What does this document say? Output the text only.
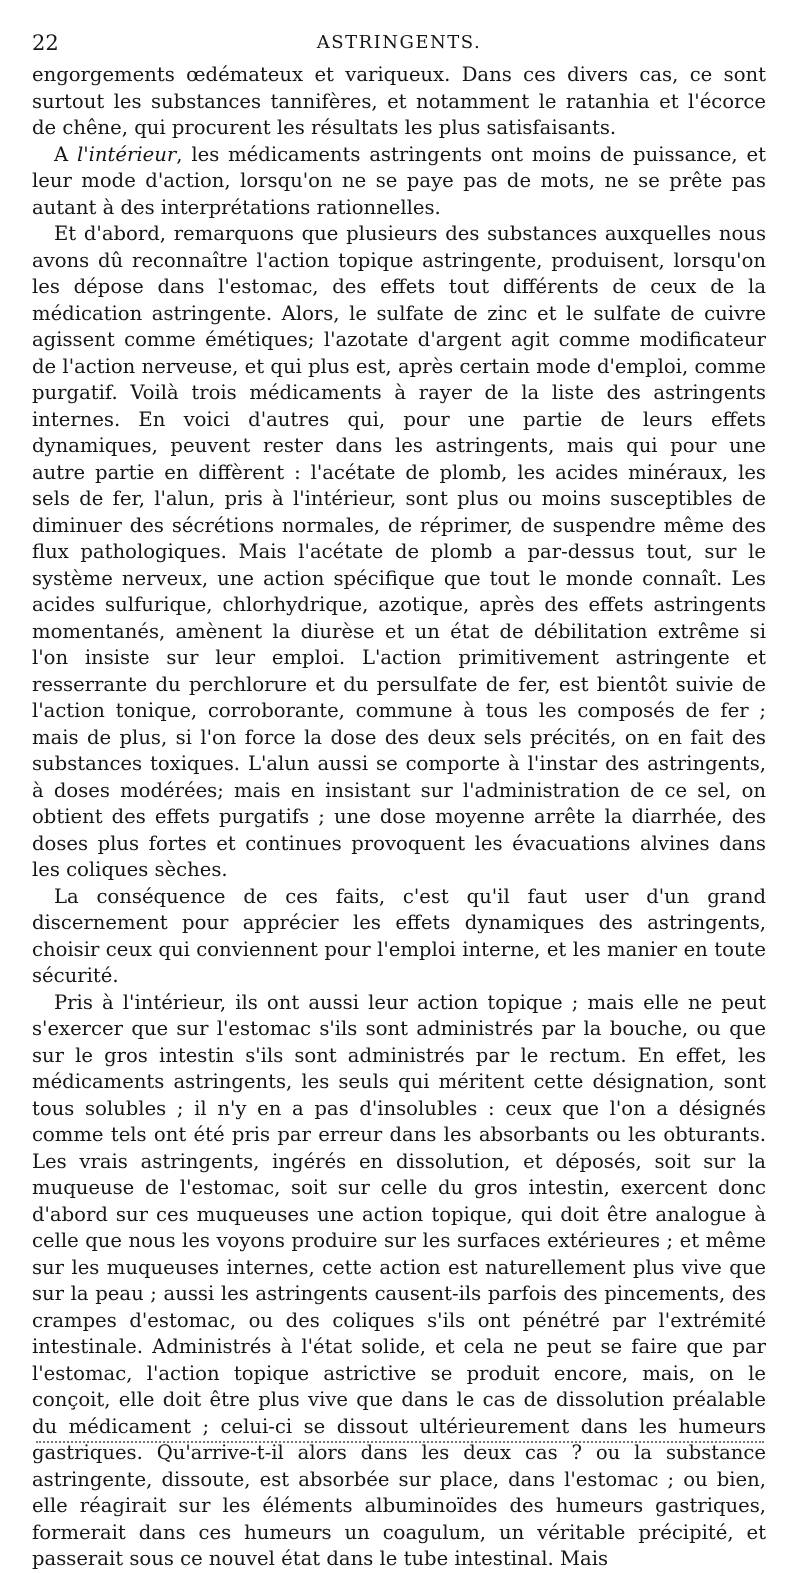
22	ASTRINGENTS.

engorgements œdémateux et variqueux. Dans ces divers cas, ce sont surtout les substances tannifères, et notamment le ratanhia et l'écorce de chêne, qui procurent les résultats les plus satisfaisants.

A l'intérieur, les médicaments astringents ont moins de puissance, et leur mode d'action, lorsqu'on ne se paye pas de mots, ne se prête pas autant à des interprétations rationnelles.

Et d'abord, remarquons que plusieurs des substances auxquelles nous avons dû reconnaître l'action topique astringente, produisent, lorsqu'on les dépose dans l'estomac, des effets tout différents de ceux de la médication astringente. Alors, le sulfate de zinc et le sulfate de cuivre agissent comme émétiques; l'azotate d'argent agit comme modificateur de l'action nerveuse, et qui plus est, après certain mode d'emploi, comme purgatif. Voilà trois médicaments à rayer de la liste des astringents internes. En voici d'autres qui, pour une partie de leurs effets dynamiques, peuvent rester dans les astringents, mais qui pour une autre partie en diffèrent : l'acétate de plomb, les acides minéraux, les sels de fer, l'alun, pris à l'intérieur, sont plus ou moins susceptibles de diminuer des sécrétions normales, de réprimer, de suspendre même des flux pathologiques. Mais l'acétate de plomb a par-dessus tout, sur le système nerveux, une action spécifique que tout le monde connaît. Les acides sulfurique, chlorhydrique, azotique, après des effets astringents momentanés, amènent la diurèse et un état de débilitation extrême si l'on insiste sur leur emploi. L'action primitivement astringente et resserrante du perchlorure et du persulfate de fer, est bientôt suivie de l'action tonique, corroborante, commune à tous les composés de fer ; mais de plus, si l'on force la dose des deux sels précités, on en fait des substances toxiques. L'alun aussi se comporte à l'instar des astringents, à doses modérées; mais en insistant sur l'administration de ce sel, on obtient des effets purgatifs ; une dose moyenne arrête la diarrhée, des doses plus fortes et continues provoquent les évacuations alvines dans les coliques sèches.

La conséquence de ces faits, c'est qu'il faut user d'un grand discernement pour apprécier les effets dynamiques des astringents, choisir ceux qui conviennent pour l'emploi interne, et les manier en toute sécurité.

Pris à l'intérieur, ils ont aussi leur action topique ; mais elle ne peut s'exercer que sur l'estomac s'ils sont administrés par la bouche, ou que sur le gros intestin s'ils sont administrés par le rectum. En effet, les médicaments astringents, les seuls qui méritent cette désignation, sont tous solubles ; il n'y en a pas d'insolubles : ceux que l'on a désignés comme tels ont été pris par erreur dans les absorbants ou les obturants. Les vrais astringents, ingérés en dissolution, et déposés, soit sur la muqueuse de l'estomac, soit sur celle du gros intestin, exercent donc d'abord sur ces muqueuses une action topique, qui doit être analogue à celle que nous les voyons produire sur les surfaces extérieures ; et même sur les muqueuses internes, cette action est naturellement plus vive que sur la peau ; aussi les astringents causent-ils parfois des pincements, des crampes d'estomac, ou des coliques s'ils ont pénétré par l'extrémité intestinale. Administrés à l'état solide, et cela ne peut se faire que par l'estomac, l'action topique astrictive se produit encore, mais, on le conçoit, elle doit être plus vive que dans le cas de dissolution préalable du médicament ; celui-ci se dissout ultérieurement dans les humeurs gastriques. Qu'arrive-t-il alors dans les deux cas ? ou la substance astringente, dissoute, est absorbée sur place, dans l'estomac ; ou bien, elle réagirait sur les éléments albuminoïdes des humeurs gastriques, formerait dans ces humeurs un coagulum, un véritable précipité, et passerait sous ce nouvel état dans le tube intestinal. Mais
